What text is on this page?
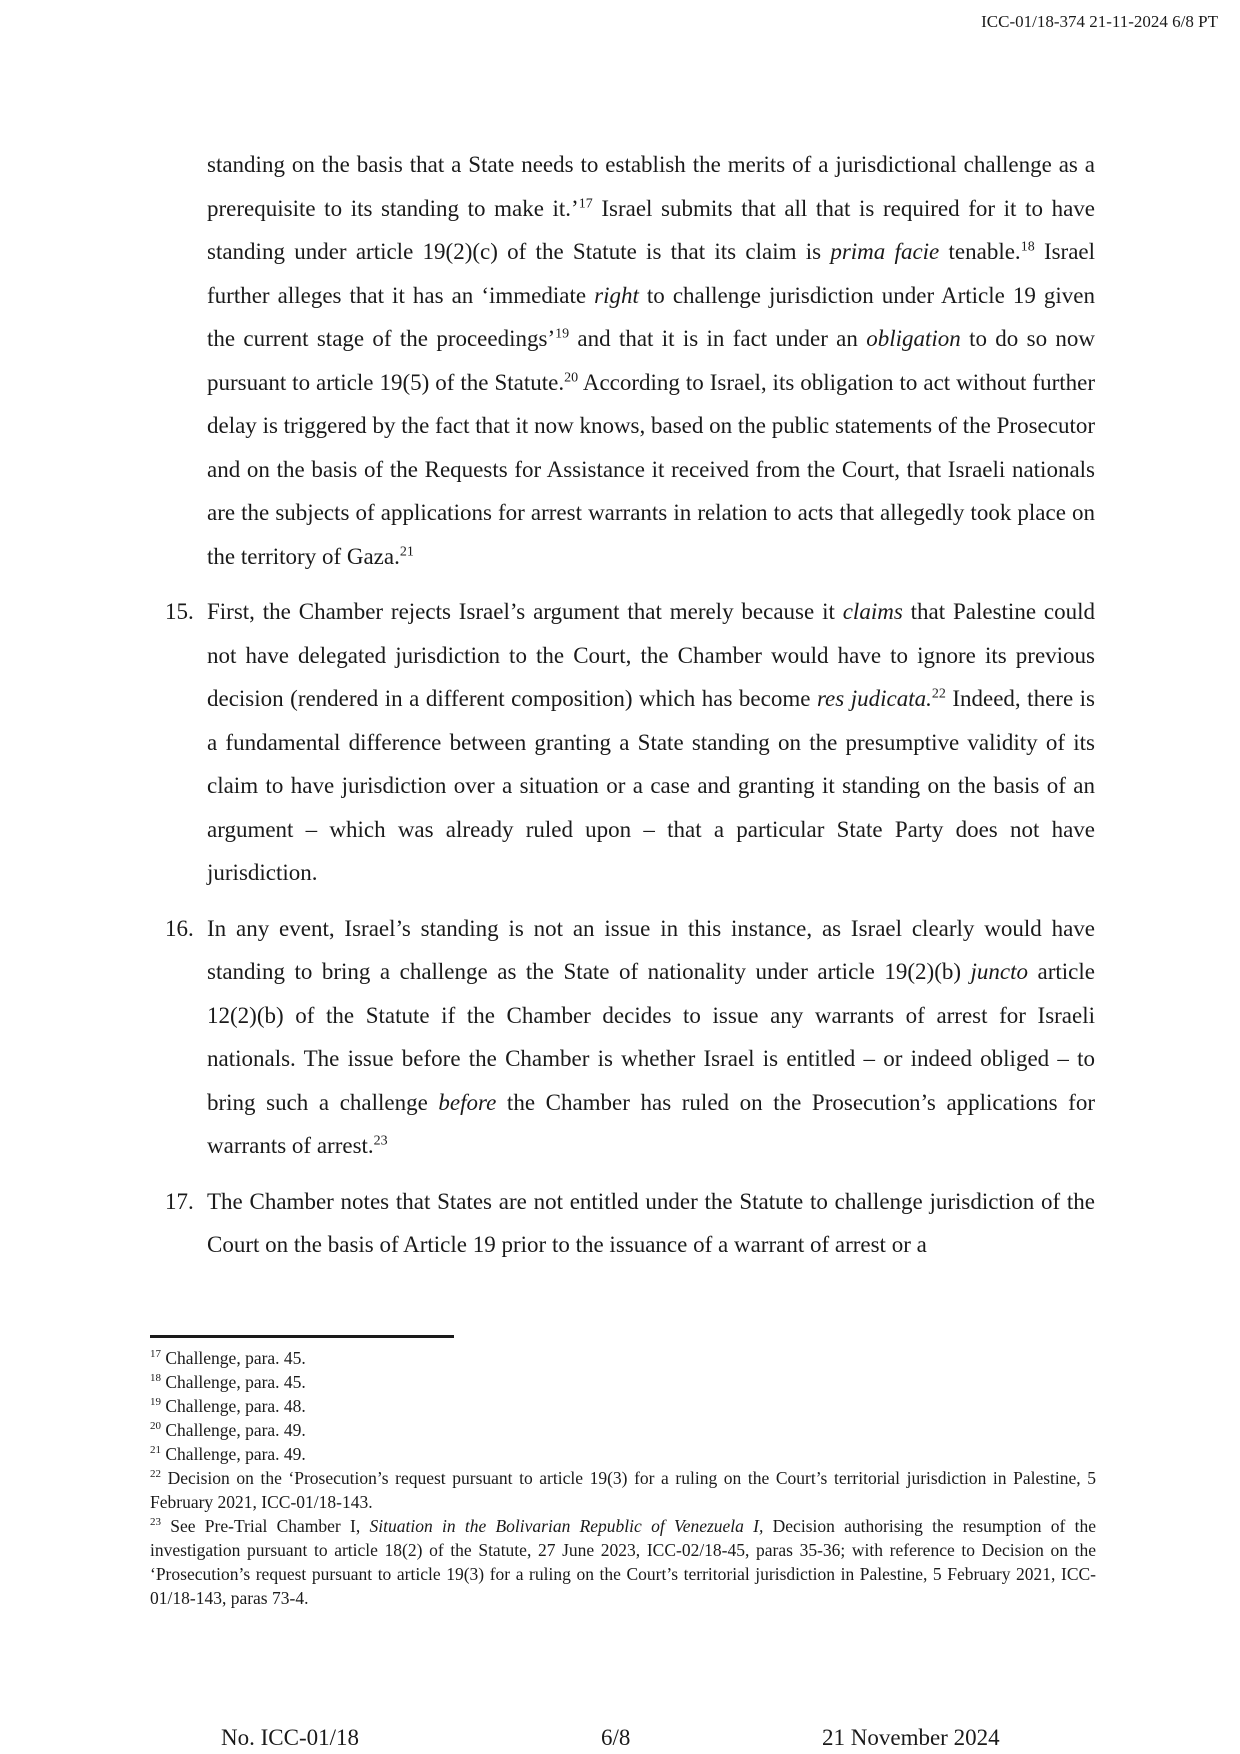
ICC-01/18-374 21-11-2024 6/8 PT

standing on the basis that a State needs to establish the merits of a jurisdictional challenge as a prerequisite to its standing to make it.’$^{17}$ Israel submits that all that is required for it to have standing under article 19(2)(c) of the Statute is that its claim is prima facie tenable.$^{18}$ Israel further alleges that it has an ‘immediate right to challenge jurisdiction under Article 19 given the current stage of the proceedings’$^{19}$ and that it is in fact under an obligation to do so now pursuant to article 19(5) of the Statute.$^{20}$ According to Israel, its obligation to act without further delay is triggered by the fact that it now knows, based on the public statements of the Prosecutor and on the basis of the Requests for Assistance it received from the Court, that Israeli nationals are the subjects of applications for arrest warrants in relation to acts that allegedly took place on the territory of Gaza.$^{21}$

15. First, the Chamber rejects Israel’s argument that merely because it claims that Palestine could not have delegated jurisdiction to the Court, the Chamber would have to ignore its previous decision (rendered in a different composition) which has become res judicata.$^{22}$ Indeed, there is a fundamental difference between granting a State standing on the presumptive validity of its claim to have jurisdiction over a situation or a case and granting it standing on the basis of an argument – which was already ruled upon – that a particular State Party does not have jurisdiction.

16. In any event, Israel’s standing is not an issue in this instance, as Israel clearly would have standing to bring a challenge as the State of nationality under article 19(2)(b) juncto article 12(2)(b) of the Statute if the Chamber decides to issue any warrants of arrest for Israeli nationals. The issue before the Chamber is whether Israel is entitled – or indeed obliged – to bring such a challenge before the Chamber has ruled on the Prosecution’s applications for warrants of arrest.$^{23}$

17. The Chamber notes that States are not entitled under the Statute to challenge jurisdiction of the Court on the basis of Article 19 prior to the issuance of a warrant of arrest or a

$^{17}$ Challenge, para. 45.

$^{18}$ Challenge, para. 45.

$^{19}$ Challenge, para. 48.

$^{20}$ Challenge, para. 49.

$^{21}$ Challenge, para. 49.

$^{22}$ Decision on the ‘Prosecution’s request pursuant to article 19(3) for a ruling on the Court’s territorial jurisdiction in Palestine, 5 February 2021, ICC-01/18-143.

$^{23}$ See Pre-Trial Chamber I, Situation in the Bolivarian Republic of Venezuela I, Decision authorising the resumption of the investigation pursuant to article 18(2) of the Statute, 27 June 2023, ICC-02/18-45, paras 35-36; with reference to Decision on the ‘Prosecution’s request pursuant to article 19(3) for a ruling on the Court’s territorial jurisdiction in Palestine, 5 February 2021, ICC-01/18-143, paras 73-4.

No. ICC-01/18	6/8	21 November 2024
